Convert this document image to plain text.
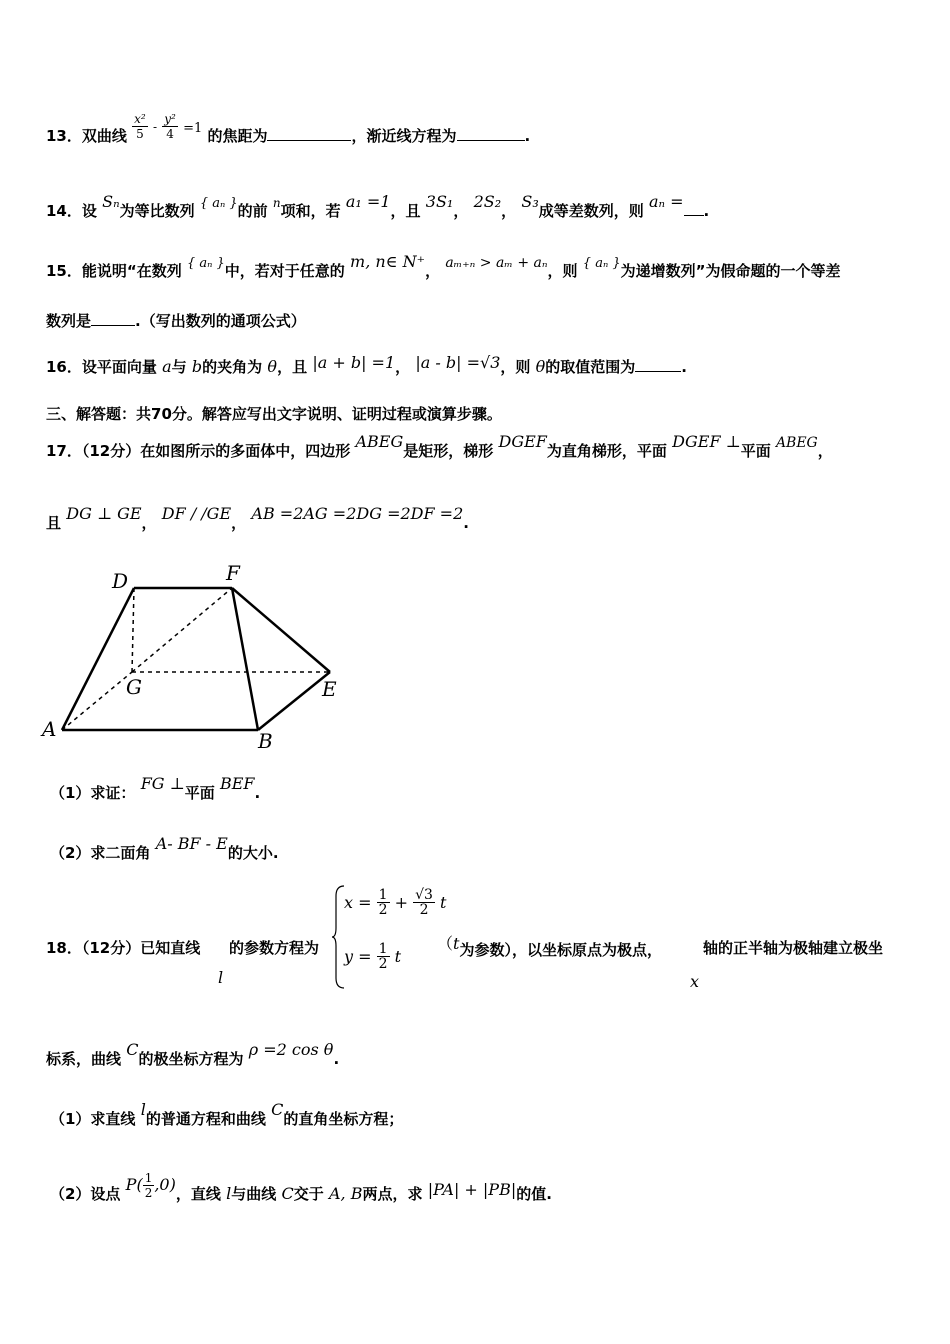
13．双曲线 $\frac{\text{x²}}{5} ^- \frac{\text{y²}}{4} =1$ 的焦距为	，渐近线方程为	.
14．设 Sₙ为等比数列 { aₙ }的前 $^n$项和，若 a₁ =1，且 3S₁， 2S₂， S₃成等差数列，则 aₙ = .
15．能说明“在数列 { aₙ }中，若对于任意的 m, n∈ N⁺， aₘ₊ₙ > aₘ + aₙ，则 { aₙ }为递增数列”为假命题的一个等差
数列是	.（写出数列的通项公式）
16．设平面向量 a与 b的夹角为 θ，且 |a + b| =1， |a - b| =√3，则 θ的取值范围为	.
三、解答题：共70分。解答应写出文字说明、证明过程或演算步骤。
17．（12分）在如图所示的多面体中，四边形 ABEG是矩形，梯形 DGEF为直角梯形，平面 DGEF ⊥平面 ABEG，
且 DG ⊥ GE， DF / /GE， AB =2AG =2DG =2DF =2.
D	F
G	E
A	B
（1）求证： FG ⊥平面 BEF.
（2）求二面角 A- BF - E的大小.
18．（12分）已知直线
l
的参数方程为
$x = \frac{1}{2} + \frac{√3}{2}$ t
$y = \frac{1}{2}$ t
（t为参数），以坐标原点为极点，
x
轴的正半轴为极轴建立极坐
标系，曲线 C的极坐标方程为 ρ =2 cos θ.
（1）求直线 l的普通方程和曲线 C的直角坐标方程；
（2）设点 $P( \frac{1}{2} ,0)$，直线 l与曲线 C交于 A, B两点，求 |PA| + |PB|的值.
